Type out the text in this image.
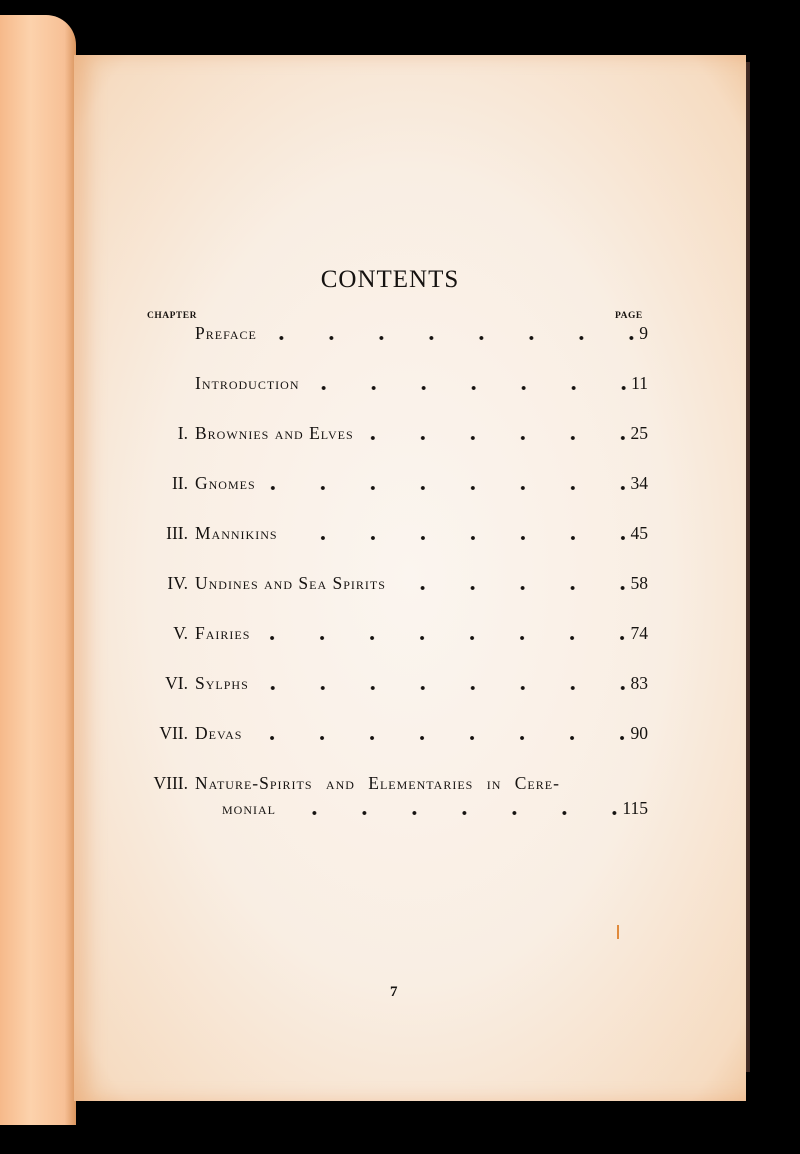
CONTENTS
CHAPTER	PAGE
Preface	9
Introduction	11
I. Brownies and Elves	25
II. Gnomes	34
III. Mannikins	45
IV. Undines and Sea Spirits	58
V. Fairies	74
VI. Sylphs	83
VII. Devas	90
VIII. Nature-Spirits and Elementaries in Cere-
monial	115
7
